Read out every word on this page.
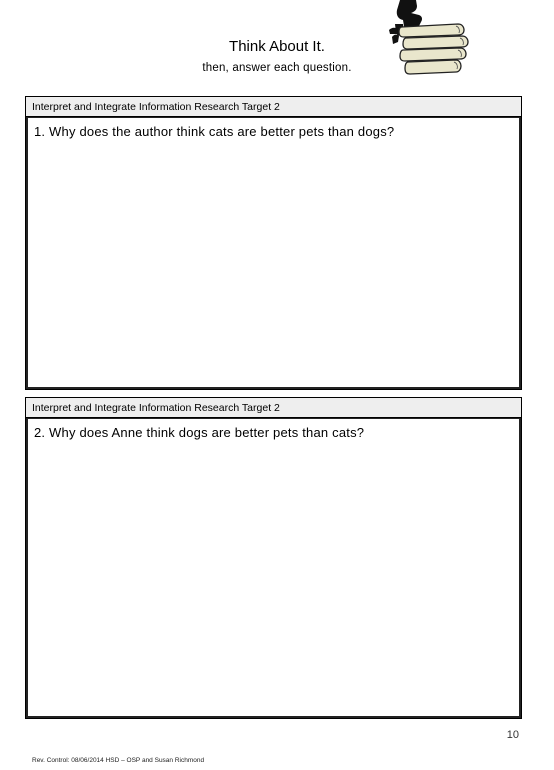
Think About It.
then, answer each question.
Interpret and Integrate Information Research Target 2
1. Why does the author think cats are better pets than dogs?
Interpret and Integrate Information Research Target 2
2. Why does Anne think dogs are better pets than cats?
10
Rev. Control: 08/06/2014 HSD – OSP and Susan Richmond
